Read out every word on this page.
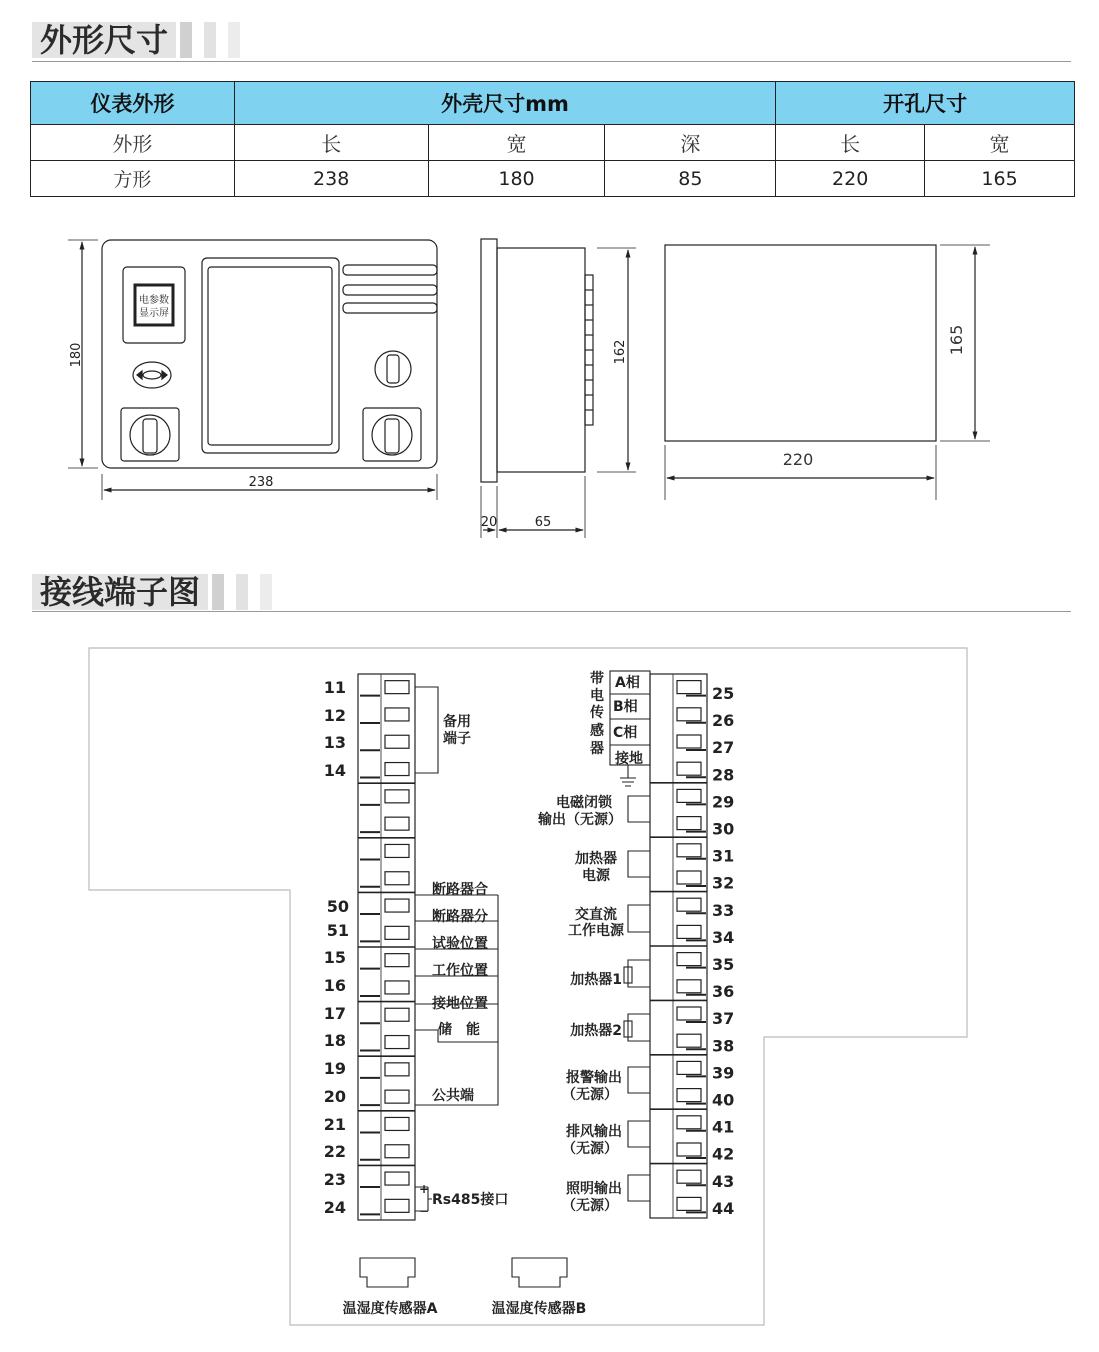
外形尺寸
仪表外形	外壳尺寸mm			开孔尺寸	
外形	长	宽	深	长	宽
方形	238	180	85	220	165
电参数
显示屏
180
238
162
20	65
165
220
接线端子图
11
12
13
14
50
51
15
16
17
18
19
20
21
22
23
24
备用
端子
断路器合
断路器分
试验位置
工作位置
接地位置
储　能
公共端
Rs485接口
+
−
25
26
27
28
29
30
31
32
33
34
35
36
37
38
39
40
41
42
43
44
带
电
传
感
器
A相
B相
C相
接地
电磁闭锁
输出（无源）
加热器
电源
交直流
工作电源
加热器1
加热器2
报警输出
（无源）
排风输出
（无源）
照明输出
（无源）
温湿度传感器A	温湿度传感器B
